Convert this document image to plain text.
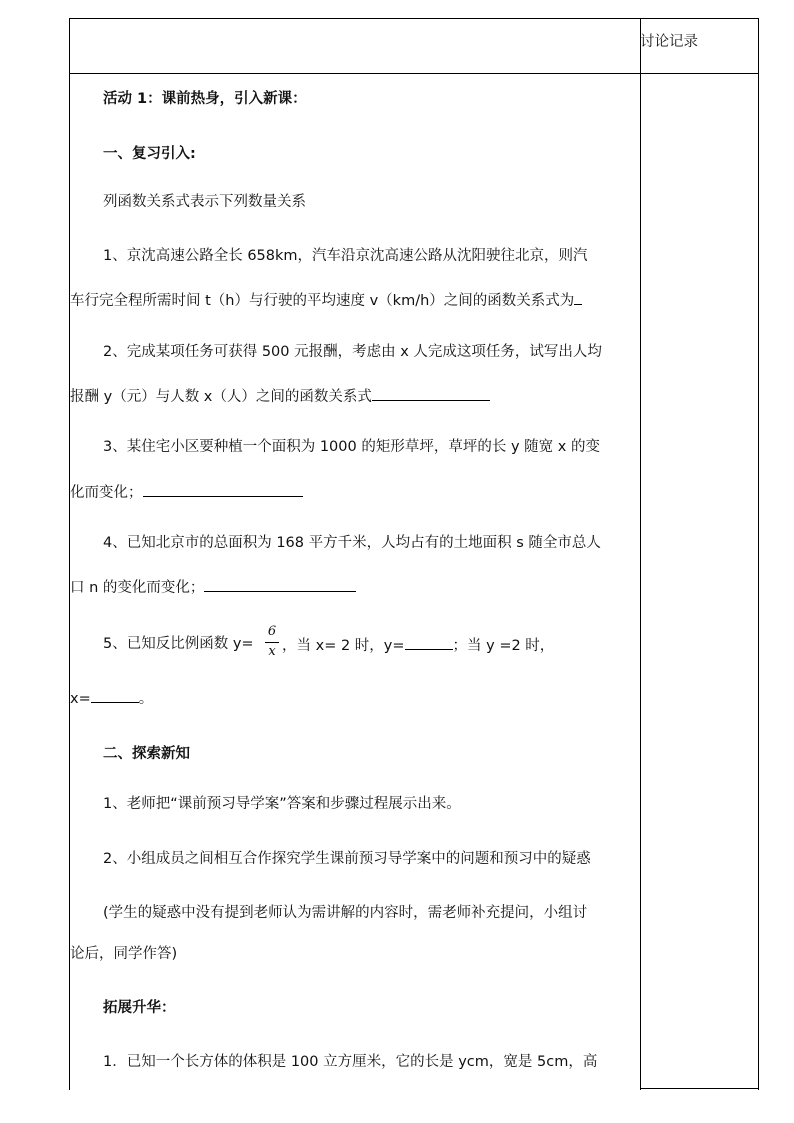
讨论记录
活动 1：课前热身，引入新课：
一、复习引入:
列函数关系式表示下列数量关系
1、京沈高速公路全长 658km，汽车沿京沈高速公路从沈阳驶往北京，则汽
车行完全程所需时间 t（h）与行驶的平均速度 v（km/h）之间的函数关系式为
2、完成某项任务可获得 500 元报酬，考虑由 x 人完成这项任务，试写出人均
报酬 y（元）与人数 x（人）之间的函数关系式
3、某住宅小区要种植一个面积为 1000 的矩形草坪，草坪的长 y 随宽 x 的变
化而变化；
4、已知北京市的总面积为 168 平方千米，人均占有的土地面积 s 随全市总人
口 n 的变化而变化；
5、已知反比例函数 y=
6
x ，当 x= 2 时，y=	；当 y =2 时，
x=	。
二、探索新知
1、老师把“课前预习导学案”答案和步骤过程展示出来。
2、小组成员之间相互合作探究学生课前预习导学案中的问题和预习中的疑惑
(学生的疑惑中没有提到老师认为需讲解的内容时，需老师补充提问，小组讨
论后，同学作答)
拓展升华：
1．已知一个长方体的体积是 100 立方厘米，它的长是 ycm，宽是 5cm，高
